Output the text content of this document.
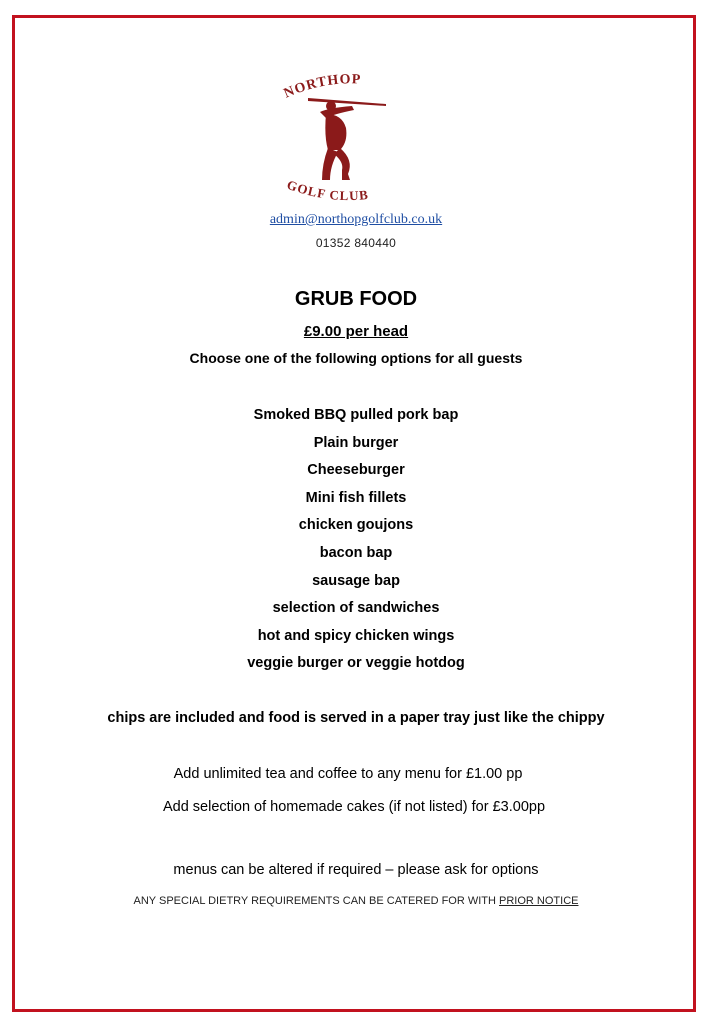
NORTHOP
GOLF CLUB
admin@northopgolfclub.co.uk
01352 840440
GRUB FOOD
£9.00 per head
Choose one of the following options for all guests
Smoked BBQ pulled pork bap
Plain burger
Cheeseburger
Mini fish fillets
chicken goujons
bacon bap
sausage bap
selection of sandwiches
hot and spicy chicken wings
veggie burger or veggie hotdog
chips are included and food is served in a paper tray just like the chippy
Add unlimited tea and coffee to any menu for £1.00 pp
Add selection of homemade cakes (if not listed) for £3.00pp
menus can be altered if required – please ask for options
ANY SPECIAL DIETRY REQUIREMENTS CAN BE CATERED FOR WITH PRIOR NOTICE
